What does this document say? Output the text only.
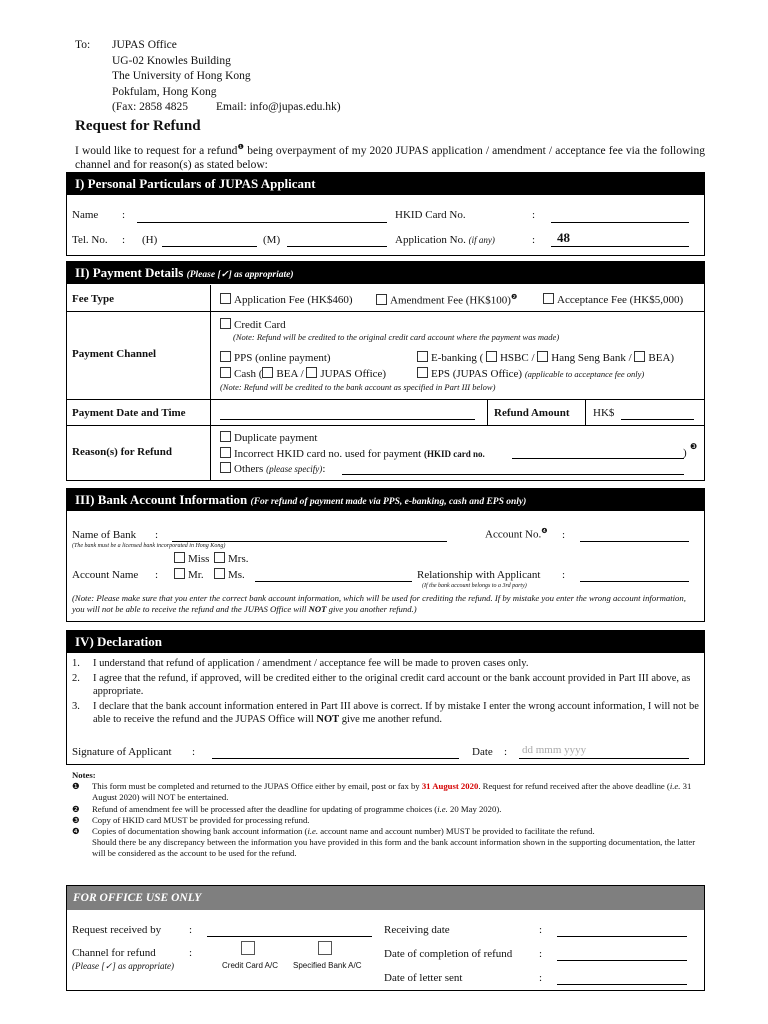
To: JUPAS Office
UG-02 Knowles Building
The University of Hong Kong
Pokfulam, Hong Kong
(Fax: 2858 4825 Email: info@jupas.edu.hk)
Request for Refund
I would like to request for a refund$^❶$ being overpayment of my 2020 JUPAS application / amendment / acceptance fee via the following channel and for reason(s) as stated below:
I) Personal Particulars of JUPAS Applicant
Name :	HKID Card No.	:
Tel. No. : (H)	(M)	Application No. (if any)	: 48
II) Payment Details (Please [✓] as appropriate)
Fee Type	Application Fee (HK$460)	Amendment Fee (HK$100)$^❷$	Acceptance Fee (HK$5,000)
Payment Channel
Credit Card
(Note: Refund will be credited to the original credit card account where the payment was made)
PPS (online payment)	E-banking ( HSBC / Hang Seng Bank / BEA)
Cash ( BEA / JUPAS Office)	EPS (JUPAS Office) (applicable to acceptance fee only)
(Note: Refund will be credited to the bank account as specified in Part III below)
Payment Date and Time	Refund Amount HK$
Reason(s) for Refund
Duplicate payment
Incorrect HKID card no. used for payment (HKID card no.	)
❸
Others (please specify):
III) Bank Account Information (For refund of payment made via PPS, e-banking, cash and EPS only)
Name of Bank :
(The bank must be a licensed bank incorporated in Hong Kong)
Account No.$^❹$ :
Miss	Mrs.
Account Name :	Mr.	Ms.	Relationship with Applicant :
(If the bank account belongs to a 3rd party)
(Note: Please make sure that you enter the correct bank account information, which will be used for crediting the refund. If by mistake you enter the wrong account information, you will not be able to receive the refund and the JUPAS Office will NOT give you another refund.)
IV) Declaration
1.	I understand that refund of application / amendment / acceptance fee will be made to proven cases only.
2.	I agree that the refund, if approved, will be credited either to the original credit card account or the bank account provided in Part III above, as appropriate.
3.	I declare that the bank account information entered in Part III above is correct. If by mistake I enter the wrong account information, I will not be able to receive the refund and the JUPAS Office will NOT give me another refund.
Signature of Applicant :	Date : dd mmm yyyy
Notes:
❶	This form must be completed and returned to the JUPAS Office either by email, post or fax by 31 August 2020. Request for refund received after the above deadline (i.e. 31 August 2020) will NOT be entertained.
❷	Refund of amendment fee will be processed after the deadline for updating of programme choices (i.e. 20 May 2020).
❸	Copy of HKID card MUST be provided for processing refund.
❹	Copies of documentation showing bank account information (i.e. account name and account number) MUST be provided to facilitate the refund.
Should there be any discrepancy between the information you have provided in this form and the bank account information shown in the supporting documentation, the latter will be considered as the account to be used for the refund.
FOR OFFICE USE ONLY
Request received by	:
Channel for refund	:
(Please [✓] as appropriate)	Credit Card A/C Specified Bank A/C
Receiving date	:
Date of completion of refund :
Date of letter sent	:
